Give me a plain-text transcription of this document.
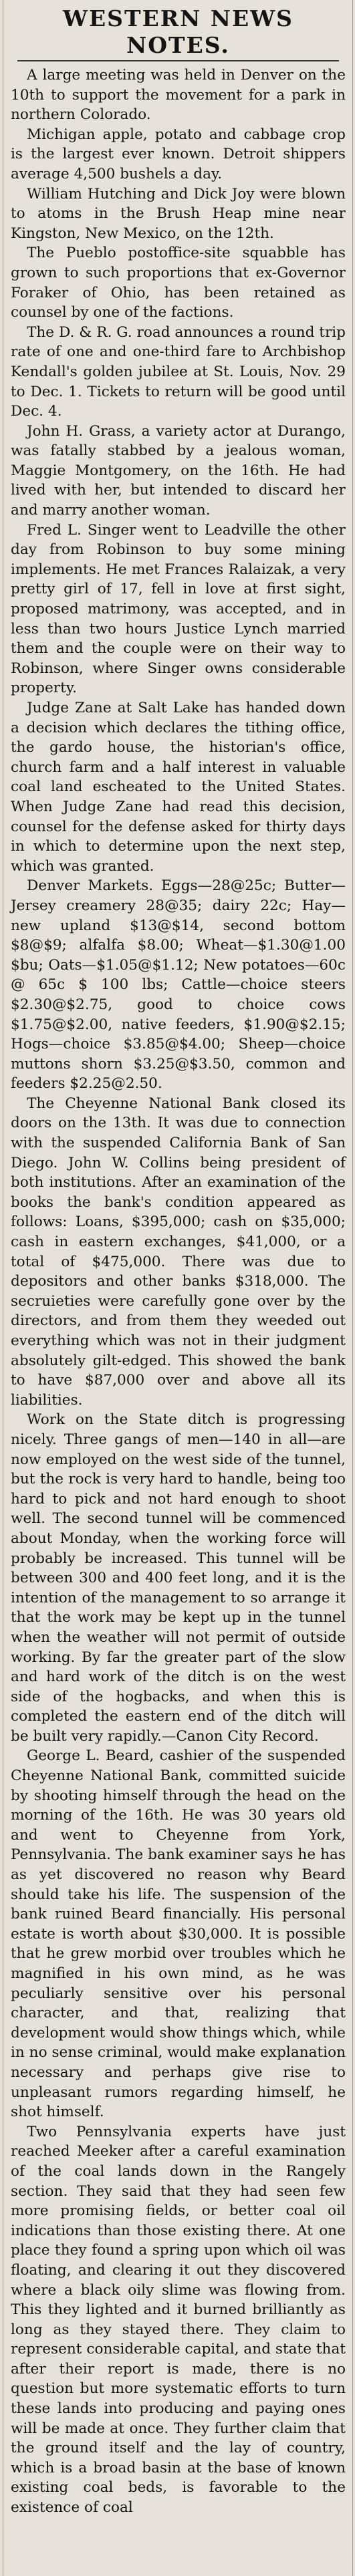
WESTERN NEWS NOTES.

A large meeting was held in Denver on the 10th to support the movement for a park in northern Colorado.

Michigan apple, potato and cabbage crop is the largest ever known. Detroit shippers average 4,500 bushels a day.

William Hutching and Dick Joy were blown to atoms in the Brush Heap mine near Kingston, New Mexico, on the 12th.

The Pueblo postoffice-site squabble has grown to such proportions that ex-Governor Foraker of Ohio, has been retained as counsel by one of the factions.

The D. & R. G. road announces a round trip rate of one and one-third fare to Archbishop Kendall's golden jubilee at St. Louis, Nov. 29 to Dec. 1. Tickets to return will be good until Dec. 4.

John H. Grass, a variety actor at Durango, was fatally stabbed by a jealous woman, Maggie Montgomery, on the 16th. He had lived with her, but intended to discard her and marry another woman.

Fred L. Singer went to Leadville the other day from Robinson to buy some mining implements. He met Frances Ralaizak, a very pretty girl of 17, fell in love at first sight, proposed matrimony, was accepted, and in less than two hours Justice Lynch married them and the couple were on their way to Robinson, where Singer owns considerable property.

Judge Zane at Salt Lake has handed down a decision which declares the tithing office, the gardo house, the historian's office, church farm and a half interest in valuable coal land escheated to the United States. When Judge Zane had read this decision, counsel for the defense asked for thirty days in which to determine upon the next step, which was granted.

Denver Markets. Eggs—28@25c; Butter—Jersey creamery 28@35; dairy 22c; Hay—new upland $13@$14, second bottom $8@$9; alfalfa $8.00; Wheat—$1.30@1.00 $bu; Oats—$1.05@$1.12; New potatoes—60c @ 65c $ 100 lbs; Cattle—choice steers $2.30@$2.75, good to choice cows $1.75@$2.00, native feeders, $1.90@$2.15; Hogs—choice $3.85@$4.00; Sheep—choice muttons shorn $3.25@$3.50, common and feeders $2.25@2.50.

The Cheyenne National Bank closed its doors on the 13th. It was due to connection with the suspended California Bank of San Diego. John W. Collins being president of both institutions. After an examination of the books the bank's condition appeared as follows: Loans, $395,000; cash on $35,000; cash in eastern exchanges, $41,000, or a total of $475,000. There was due to depositors and other banks $318,000. The secruieties were carefully gone over by the directors, and from them they weeded out everything which was not in their judgment absolutely gilt-edged. This showed the bank to have $87,000 over and above all its liabilities.

Work on the State ditch is progressing nicely. Three gangs of men—140 in all—are now employed on the west side of the tunnel, but the rock is very hard to handle, being too hard to pick and not hard enough to shoot well. The second tunnel will be commenced about Monday, when the working force will probably be increased. This tunnel will be between 300 and 400 feet long, and it is the intention of the management to so arrange it that the work may be kept up in the tunnel when the weather will not permit of outside working. By far the greater part of the slow and hard work of the ditch is on the west side of the hogbacks, and when this is completed the eastern end of the ditch will be built very rapidly.—Canon City Record.

George L. Beard, cashier of the suspended Cheyenne National Bank, committed suicide by shooting himself through the head on the morning of the 16th. He was 30 years old and went to Cheyenne from York, Pennsylvania. The bank examiner says he has as yet discovered no reason why Beard should take his life. The suspension of the bank ruined Beard financially. His personal estate is worth about $30,000. It is possible that he grew morbid over troubles which he magnified in his own mind, as he was peculiarly sensitive over his personal character, and that, realizing that development would show things which, while in no sense criminal, would make explanation necessary and perhaps give rise to unpleasant rumors regarding himself, he shot himself.

Two Pennsylvania experts have just reached Meeker after a careful examination of the coal lands down in the Rangely section. They said that they had seen few more promising fields, or better coal oil indications than those existing there. At one place they found a spring upon which oil was floating, and clearing it out they discovered where a black oily slime was flowing from. This they lighted and it burned brilliantly as long as they stayed there. They claim to represent considerable capital, and state that after their report is made, there is no question but more systematic efforts to turn these lands into producing and paying ones will be made at once. They further claim that the ground itself and the lay of country, which is a broad basin at the base of known existing coal beds, is favorable to the existence of coal
